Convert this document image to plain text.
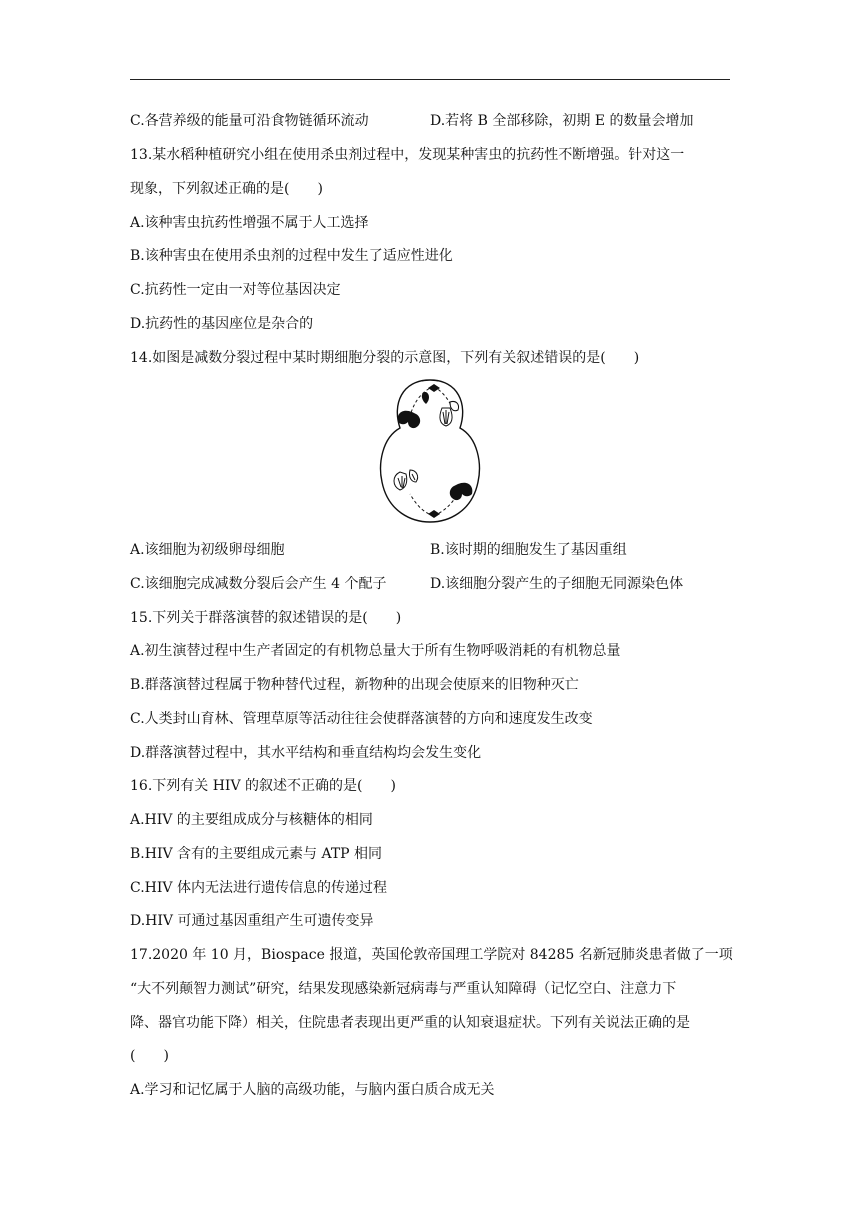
C.各营养级的能量可沿食物链循环流动	D.若将 B 全部移除，初期 E 的数量会增加
13.某水稻种植研究小组在使用杀虫剂过程中，发现某种害虫的抗药性不断增强。针对这一
现象，下列叙述正确的是(　　)
A.该种害虫抗药性增强不属于人工选择
B.该种害虫在使用杀虫剂的过程中发生了适应性进化
C.抗药性一定由一对等位基因决定
D.抗药性的基因座位是杂合的
14.如图是减数分裂过程中某时期细胞分裂的示意图，下列有关叙述错误的是(　　)
A.该细胞为初级卵母细胞	B.该时期的细胞发生了基因重组
C.该细胞完成减数分裂后会产生 4 个配子	D.该细胞分裂产生的子细胞无同源染色体
15.下列关于群落演替的叙述错误的是(　　)
A.初生演替过程中生产者固定的有机物总量大于所有生物呼吸消耗的有机物总量
B.群落演替过程属于物种替代过程，新物种的出现会使原来的旧物种灭亡
C.人类封山育林、管理草原等活动往往会使群落演替的方向和速度发生改变
D.群落演替过程中，其水平结构和垂直结构均会发生变化
16.下列有关 HIV 的叙述不正确的是(　　)
A.HIV 的主要组成成分与核糖体的相同
B.HIV 含有的主要组成元素与 ATP 相同
C.HIV 体内无法进行遗传信息的传递过程
D.HIV 可通过基因重组产生可遗传变异
17.2020 年 10 月，Biospace 报道，英国伦敦帝国理工学院对 84285 名新冠肺炎患者做了一项
“大不列颠智力测试”研究，结果发现感染新冠病毒与严重认知障碍（记忆空白、注意力下
降、器官功能下降）相关，住院患者表现出更严重的认知衰退症状。下列有关说法正确的是
(　　)
A.学习和记忆属于人脑的高级功能，与脑内蛋白质合成无关
